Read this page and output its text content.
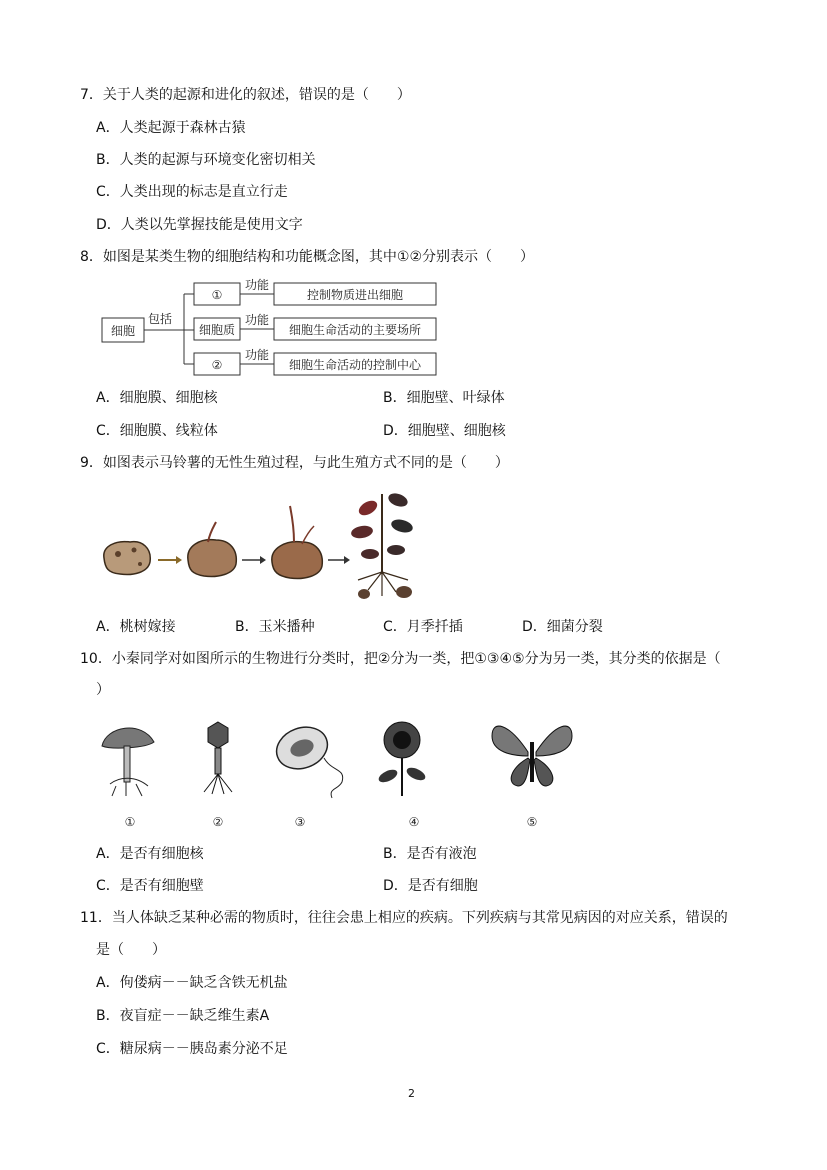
7．关于人类的起源和进化的叙述，错误的是（　　）
A．人类起源于森林古猿
B．人类的起源与环境变化密切相关
C．人类出现的标志是直立行走
D．人类以先掌握技能是使用文字
8．如图是某类生物的细胞结构和功能概念图，其中①②分别表示（　　）
细胞
包括
①
细胞质
②
功能
功能
功能
控制物质进出细胞
细胞生命活动的主要场所
细胞生命活动的控制中心
A．细胞膜、细胞核	B．细胞壁、叶绿体
C．细胞膜、线粒体	D．细胞壁、细胞核
9．如图表示马铃薯的无性生殖过程，与此生殖方式不同的是（　　）
A．桃树嫁接	B．玉米播种	C．月季扦插	D．细菌分裂
10．小秦同学对如图所示的生物进行分类时，把②分为一类，把①③④⑤分为另一类，其分类的依据是（
）
①	②	③	④	⑤
A．是否有细胞核	B．是否有液泡
C．是否有细胞壁	D．是否有细胞
11．当人体缺乏某种必需的物质时，往往会患上相应的疾病。下列疾病与其常见病因的对应关系，错误的
是（　　）
A．佝偻病－－缺乏含铁无机盐
B．夜盲症－－缺乏维生素A
C．糖尿病－－胰岛素分泌不足
2
